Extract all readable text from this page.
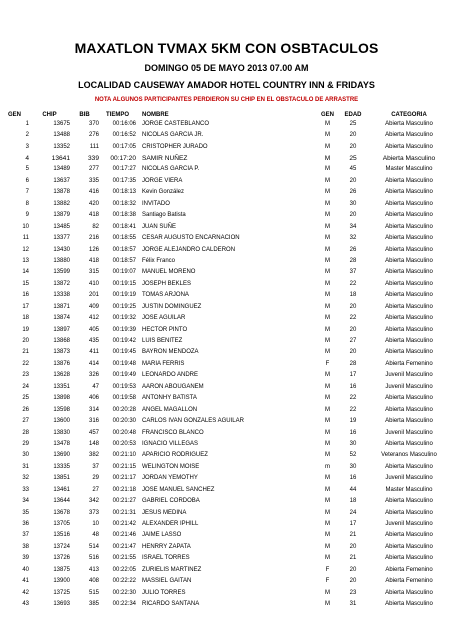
MAXATLON TVMAX 5KM CON OSBTACULOS
DOMINGO 05 DE MAYO 2013 07.00 AM
LOCALIDAD CAUSEWAY AMADOR HOTEL COUNTRY INN & FRIDAYS
NOTA ALGUNOS PARTICIPANTES PERDIERON SU CHIP EN EL OBSTACULO DE ARRASTRE
GEN	CHIP	BIB	TIEMPO	NOMBRE	GEN	EDAD	CATEGORIA
1	13675	370	00:16:06	JORGE CASTEBLANCO	M	25	Abierta Masculino
2	13488	276	00:16:52	NICOLAS GARCIA JR.	M	20	Abierta Masculino
3	13352	111	00:17:05	CRISTOPHER JURADO	M	20	Abierta Masculino
4	13641	339	00:17:20	SAMIR NUÑEZ	M	25	Abierta Masculino
5	13489	277	00:17:27	NICOLAS GARCIA P.	M	45	Master Masculino
6	13637	335	00:17:35	JORGE VIERA	M	20	Abierta Masculino
7	13878	416	00:18:13	Kevin González	M	26	Abierta Masculino
8	13882	420	00:18:32	INVITADO	M	30	Abierta Masculino
9	13879	418	00:18:38	Santiago Batista	M	20	Abierta Masculino
10	13485	82	00:18:41	JUAN SUÑE	M	34	Abierta Masculino
11	13377	216	00:18:55	CESAR AUGUSTO ENCARNACION	M	32	Abierta Masculino
12	13430	126	00:18:57	JORGE ALEJANDRO CALDERON	M	26	Abierta Masculino
13	13880	418	00:18:57	Félix Franco	M	28	Abierta Masculino
14	13599	315	00:19:07	MANUEL MORENO	M	37	Abierta Masculino
15	13872	410	00:19:15	JOSEPH BEKLES	M	22	Abierta Masculino
16	13338	201	00:19:19	TOMAS ARJONA	M	18	Abierta Masculino
17	13871	409	00:19:25	JUSTIN DOMINGUEZ	M	20	Abierta Masculino
18	13874	412	00:19:32	JOSE AGUILAR	M	22	Abierta Masculino
19	13897	405	00:19:39	HECTOR PINTO	M	20	Abierta Masculino
20	13868	435	00:19:42	LUIS BENITEZ	M	27	Abierta Masculino
21	13873	411	00:19:45	BAYRON MENDOZA	M	20	Abierta Masculino
22	13876	414	00:19:48	MARIA FERRIS	F	28	Abierta Femenino
23	13628	326	00:19:49	LEONARDO ANDRE	M	17	Juvenil Masculino
24	13351	47	00:19:53	AARON ABOUGANEM	M	16	Juvenil Masculino
25	13898	406	00:19:58	ANTONHY BATISTA	M	22	Abierta Masculino
26	13598	314	00:20:28	ANGEL MAGALLON	M	22	Abierta Masculino
27	13600	316	00:20:30	CARLOS IVAN GONZALES AGUILAR	M	19	Abierta Masculino
28	13830	457	00:20:48	FRANCISCO BLANCO	M	16	Juvenil Masculino
29	13478	148	00:20:53	IGNACIO VILLEGAS	M	30	Abierta Masculino
30	13690	382	00:21:10	APARICIO RODRIGUEZ	M	52	Veteranos Masculino
31	13335	37	00:21:15	WELINGTON MOISE	m	30	Abierta Masculino
32	13851	29	00:21:17	JORDAN YEMOTHY	M	16	Juvenil Masculino
33	13461	27	00:21:18	JOSE MANUEL SANCHEZ	M	44	Master Masculino
34	13644	342	00:21:27	GABRIEL CORDOBA	M	18	Abierta Masculino
35	13678	373	00:21:31	JESUS MEDINA	M	24	Abierta Masculino
36	13705	10	00:21:42	ALEXANDER IPHILL	M	17	Juvenil Masculino
37	13516	48	00:21:46	JAIME LASSO	M	21	Abierta Masculino
38	13724	514	00:21:47	HENRRY ZAPATA	M	20	Abierta Masculino
39	13726	516	00:21:55	ISRAEL TORRES	M	21	Abierta Masculino
40	13875	413	00:22:05	ZURIELIS MARTINEZ	F	20	Abierta Femenino
41	13900	408	00:22:22	MASSIEL GAITAN	F	20	Abierta Femenino
42	13725	515	00:22:30	JULIO TORRES	M	23	Abierta Masculino
43	13693	385	00:22:34	RICARDO SANTANA	M	31	Abierta Masculino
